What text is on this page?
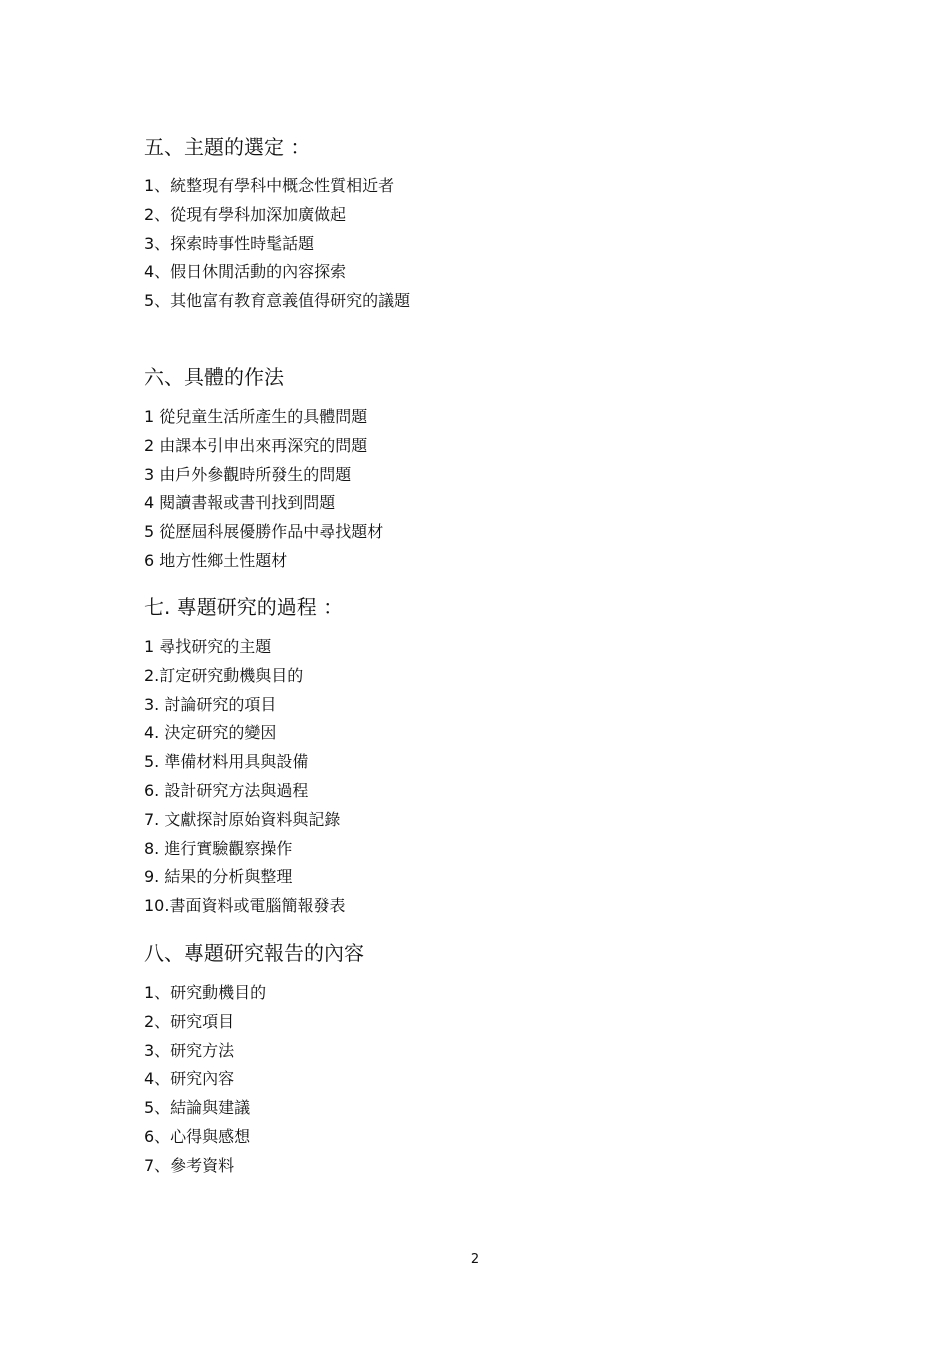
五、主題的選定 ：
1、統整現有學科中概念性質相近者
2、從現有學科加深加廣做起
3、探索時事性時髦話題
4、假日休閒活動的內容探索
5、其他富有教育意義值得研究的議題
六、具體的作法
1 從兒童生活所產生的具體問題
2 由課本引申出來再深究的問題
3 由戶外參觀時所發生的問題
4 閱讀書報或書刊找到問題
5 從歷屆科展優勝作品中尋找題材
6 地方性鄉土性題材
七. 專題研究的過程 ：
1 尋找研究的主題
2.訂定研究動機與目的
3. 討論研究的項目
4. 決定研究的變因
5. 準備材料用具與設備
6. 設計研究方法與過程
7. 文獻探討原始資料與記錄
8. 進行實驗觀察操作
9. 結果的分析與整理
10.書面資料或電腦簡報發表
八、專題研究報告的內容
1、研究動機目的
2、研究項目
3、研究方法
4、研究內容
5、結論與建議
6、心得與感想
7、參考資料
2
